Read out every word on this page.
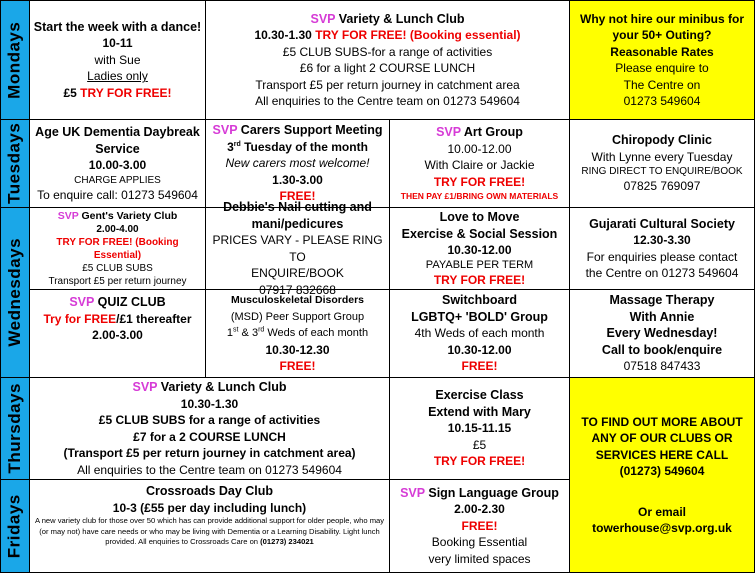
Mondays
Tuesdays
Wednesdays
Thursdays
Fridays
Start the week with a dance!
10-11
with Sue
Ladies only
£5 TRY FOR FREE!
SVP Variety & Lunch Club
10.30-1.30 TRY FOR FREE! (Booking essential)
£5 CLUB SUBS-for a range of activities
£6 for a light 2 COURSE LUNCH
Transport £5 per return journey in catchment area
All enquiries to the Centre team on 01273 549604
Why not hire our minibus for
your 50+ Outing?
Reasonable Rates
Please enquire to
The Centre on
01273 549604
Age UK Dementia Daybreak
Service
10.00-3.00
CHARGE APPLIES
To enquire call: 01273 549604
SVP Carers Support Meeting
3rd Tuesday of the month
New carers most welcome!
1.30-3.00
FREE!
SVP Art Group
10.00-12.00
With Claire or Jackie
TRY FOR FREE!
THEN PAY £1/BRING OWN MATERIALS
Chiropody Clinic
With Lynne every Tuesday
RING DIRECT TO ENQUIRE/BOOK
07825 769097
SVP Gent's Variety Club
2.00-4.00
TRY FOR FREE! (Booking Essential)
£5 CLUB SUBS
Transport £5 per return journey
Debbie's Nail cutting and
mani/pedicures
PRICES VARY - PLEASE RING TO
ENQUIRE/BOOK
07917 832668
Love to Move
Exercise & Social Session
10.30-12.00
PAYABLE PER TERM
TRY FOR FREE!
Gujarati Cultural Society
12.30-3.30
For enquiries please contact
the Centre on 01273 549604
SVP QUIZ CLUB
Try for FREE/£1 thereafter
2.00-3.00
Musculoskeletal Disorders
(MSD) Peer Support Group
1st & 3rd Weds of each month
10.30-12.30
FREE!
Switchboard
LGBTQ+ 'BOLD' Group
4th Weds of each month
10.30-12.00
FREE!
Massage Therapy
With Annie
Every Wednesday!
Call to book/enquire
07518 847433
SVP Variety & Lunch Club
10.30-1.30
£5 CLUB SUBS for a range of activities
£7 for a 2 COURSE LUNCH
(Transport £5 per return journey in catchment area)
All enquiries to the Centre team on 01273 549604
Exercise Class
Extend with Mary
10.15-11.15
£5
TRY FOR FREE!
TO FIND OUT MORE ABOUT
ANY OF OUR CLUBS OR
SERVICES HERE CALL
(01273) 549604
Or email
towerhouse@svp.org.uk
Crossroads Day Club
10-3 (£55 per day including lunch)
A new variety club for those over 50 which has can provide additional support for older people, who may (or may not) have care needs or who may be living with Dementia or a Learning Disability. Light lunch provided. All enquiries to Crossroads Care on (01273) 234021
SVP Sign Language Group
2.00-2.30
FREE!
Booking Essential
very limited spaces
